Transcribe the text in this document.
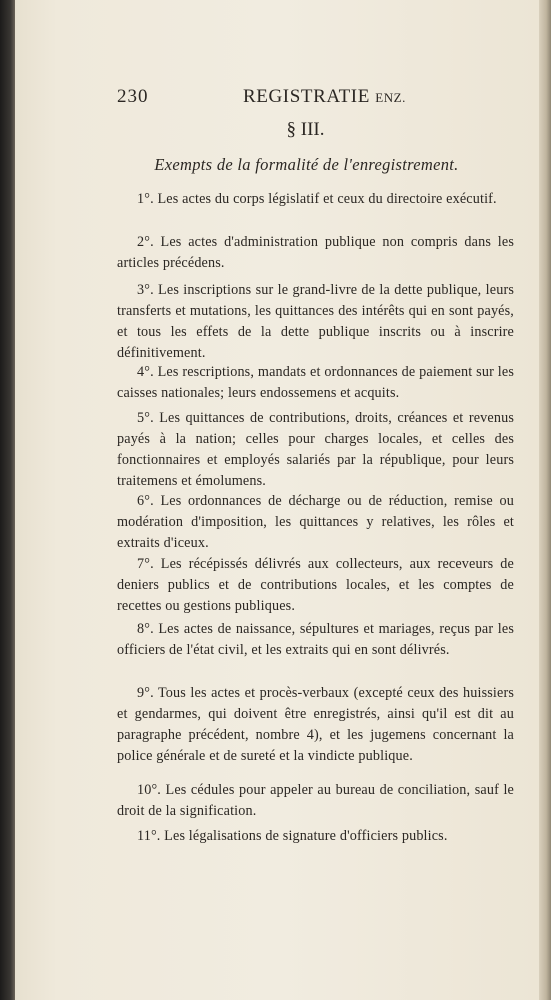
230	REGISTRATIE ENZ.
§ III.
Exempts de la formalité de l'enregistrement.

1°. Les actes du corps législatif et ceux du directoire exécutif.

2°. Les actes d'administration publique non compris dans les articles précédens.

3°. Les inscriptions sur le grand-livre de la dette publique, leurs transferts et mutations, les quittances des intérêts qui en sont payés, et tous les effets de la dette publique inscrits ou à inscrire définitivement.

4°. Les rescriptions, mandats et ordonnances de paiement sur les caisses nationales; leurs endossemens et acquits.

5°. Les quittances de contributions, droits, créances et revenus payés à la nation; celles pour charges locales, et celles des fonctionnaires et employés salariés par la république, pour leurs traitemens et émolumens.

6°. Les ordonnances de décharge ou de réduction, remise ou modération d'imposition, les quittances y relatives, les rôles et extraits d'iceux.

7°. Les récépissés délivrés aux collecteurs, aux receveurs de deniers publics et de contributions locales, et les comptes de recettes ou gestions publiques.

8°. Les actes de naissance, sépultures et mariages, reçus par les officiers de l'état civil, et les extraits qui en sont délivrés.

9°. Tous les actes et procès-verbaux (excepté ceux des huissiers et gendarmes, qui doivent être enregistrés, ainsi qu'il est dit au paragraphe précédent, nombre 4), et les jugemens concernant la police générale et de sureté et la vindicte publique.

10°. Les cédules pour appeler au bureau de conciliation, sauf le droit de la signification.

11°. Les légalisations de signature d'officiers publics.
